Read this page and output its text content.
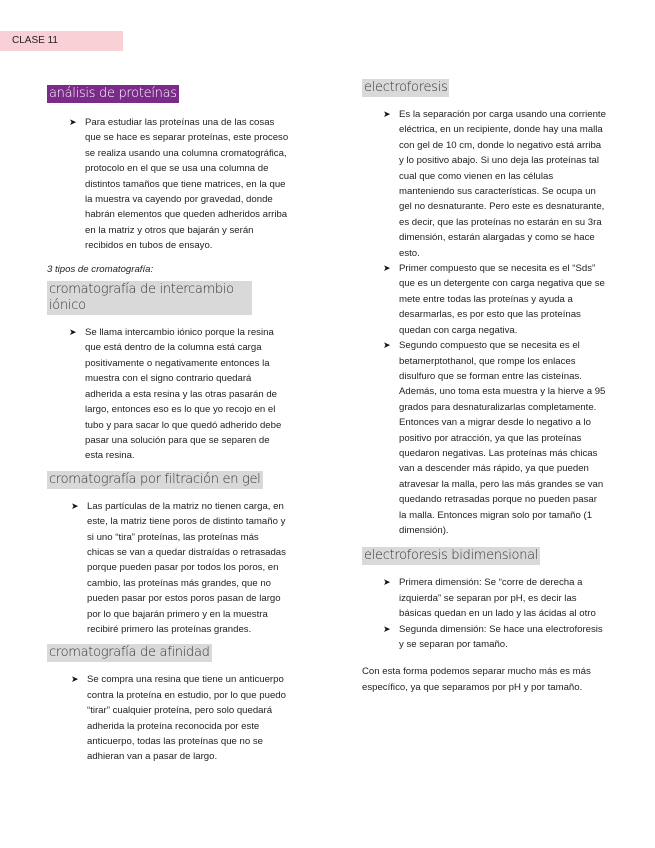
CLASE 11
análisis de proteínas
➤ Para estudiar las proteínas una de las cosas que se hace es separar proteínas, este proceso se realiza usando una columna cromatográfica, protocolo en el que se usa una columna de distintos tamaños que tiene matrices, en la que la muestra va cayendo por gravedad, donde habrán elementos que queden adheridos arriba en la matriz y otros que bajarán y serán recibidos en tubos de ensayo.

3 tipos de cromatografía:

cromatografía de intercambio iónico
➤ Se llama intercambio iónico porque la resina que está dentro de la columna está carga positivamente o negativamente entonces la muestra con el signo contrario quedará adherida a esta resina y las otras pasarán de largo, entonces eso es lo que yo recojo en el tubo y para sacar lo que quedó adherido debe pasar una solución para que se separen de esta resina.
cromatografía por filtración en gel
➤ Las partículas de la matriz no tienen carga, en este, la matriz tiene poros de distinto tamaño y si uno “tira” proteínas, las proteínas más chicas se van a quedar distraídas o retrasadas porque pueden pasar por todos los poros, en cambio, las proteínas más grandes, que no pueden pasar por estos poros pasan de largo por lo que bajarán primero y en la muestra recibiré primero las proteínas grandes.
cromatografía de afinidad
➤ Se compra una resina que tiene un anticuerpo contra la proteína en estudio, por lo que puedo “tirar” cualquier proteína, pero solo quedará adherida la proteína reconocida por este anticuerpo, todas las proteínas que no se adhieran van a pasar de largo.
electroforesis
➤ Es la separación por carga usando una corriente eléctrica, en un recipiente, donde hay una malla con gel de 10 cm, donde lo negativo está arriba y lo positivo abajo. Si uno deja las proteínas tal cual que como vienen en las células manteniendo sus características. Se ocupa un gel no desnaturante. Pero este es desnaturante, es decir, que las proteínas no estarán en su 3ra dimensión, estarán alargadas y como se hace esto.
➤ Primer compuesto que se necesita es el “Sds” que es un detergente con carga negativa que se mete entre todas las proteínas y ayuda a desarmarlas, es por esto que las proteínas quedan con carga negativa.
➤ Segundo compuesto que se necesita es el betamerptothanol, que rompe los enlaces disulfuro que se forman entre las cisteínas. Además, uno toma esta muestra y la hierve a 95 grados para desnaturalizarlas completamente. Entonces van a migrar desde lo negativo a lo positivo por atracción, ya que las proteínas quedaron negativas. Las proteínas más chicas van a descender más rápido, ya que pueden atravesar la malla, pero las más grandes se van quedando retrasadas porque no pueden pasar la malla. Entonces migran solo por tamaño (1 dimensión).
electroforesis bidimensional
➤ Primera dimensión: Se “corre de derecha a izquierda” se separan por pH, es decir las básicas quedan en un lado y las ácidas al otro
➤ Segunda dimensión: Se hace una electroforesis y se separan por tamaño.

Con esta forma podemos separar mucho más es más específico, ya que separamos por pH y por tamaño.
